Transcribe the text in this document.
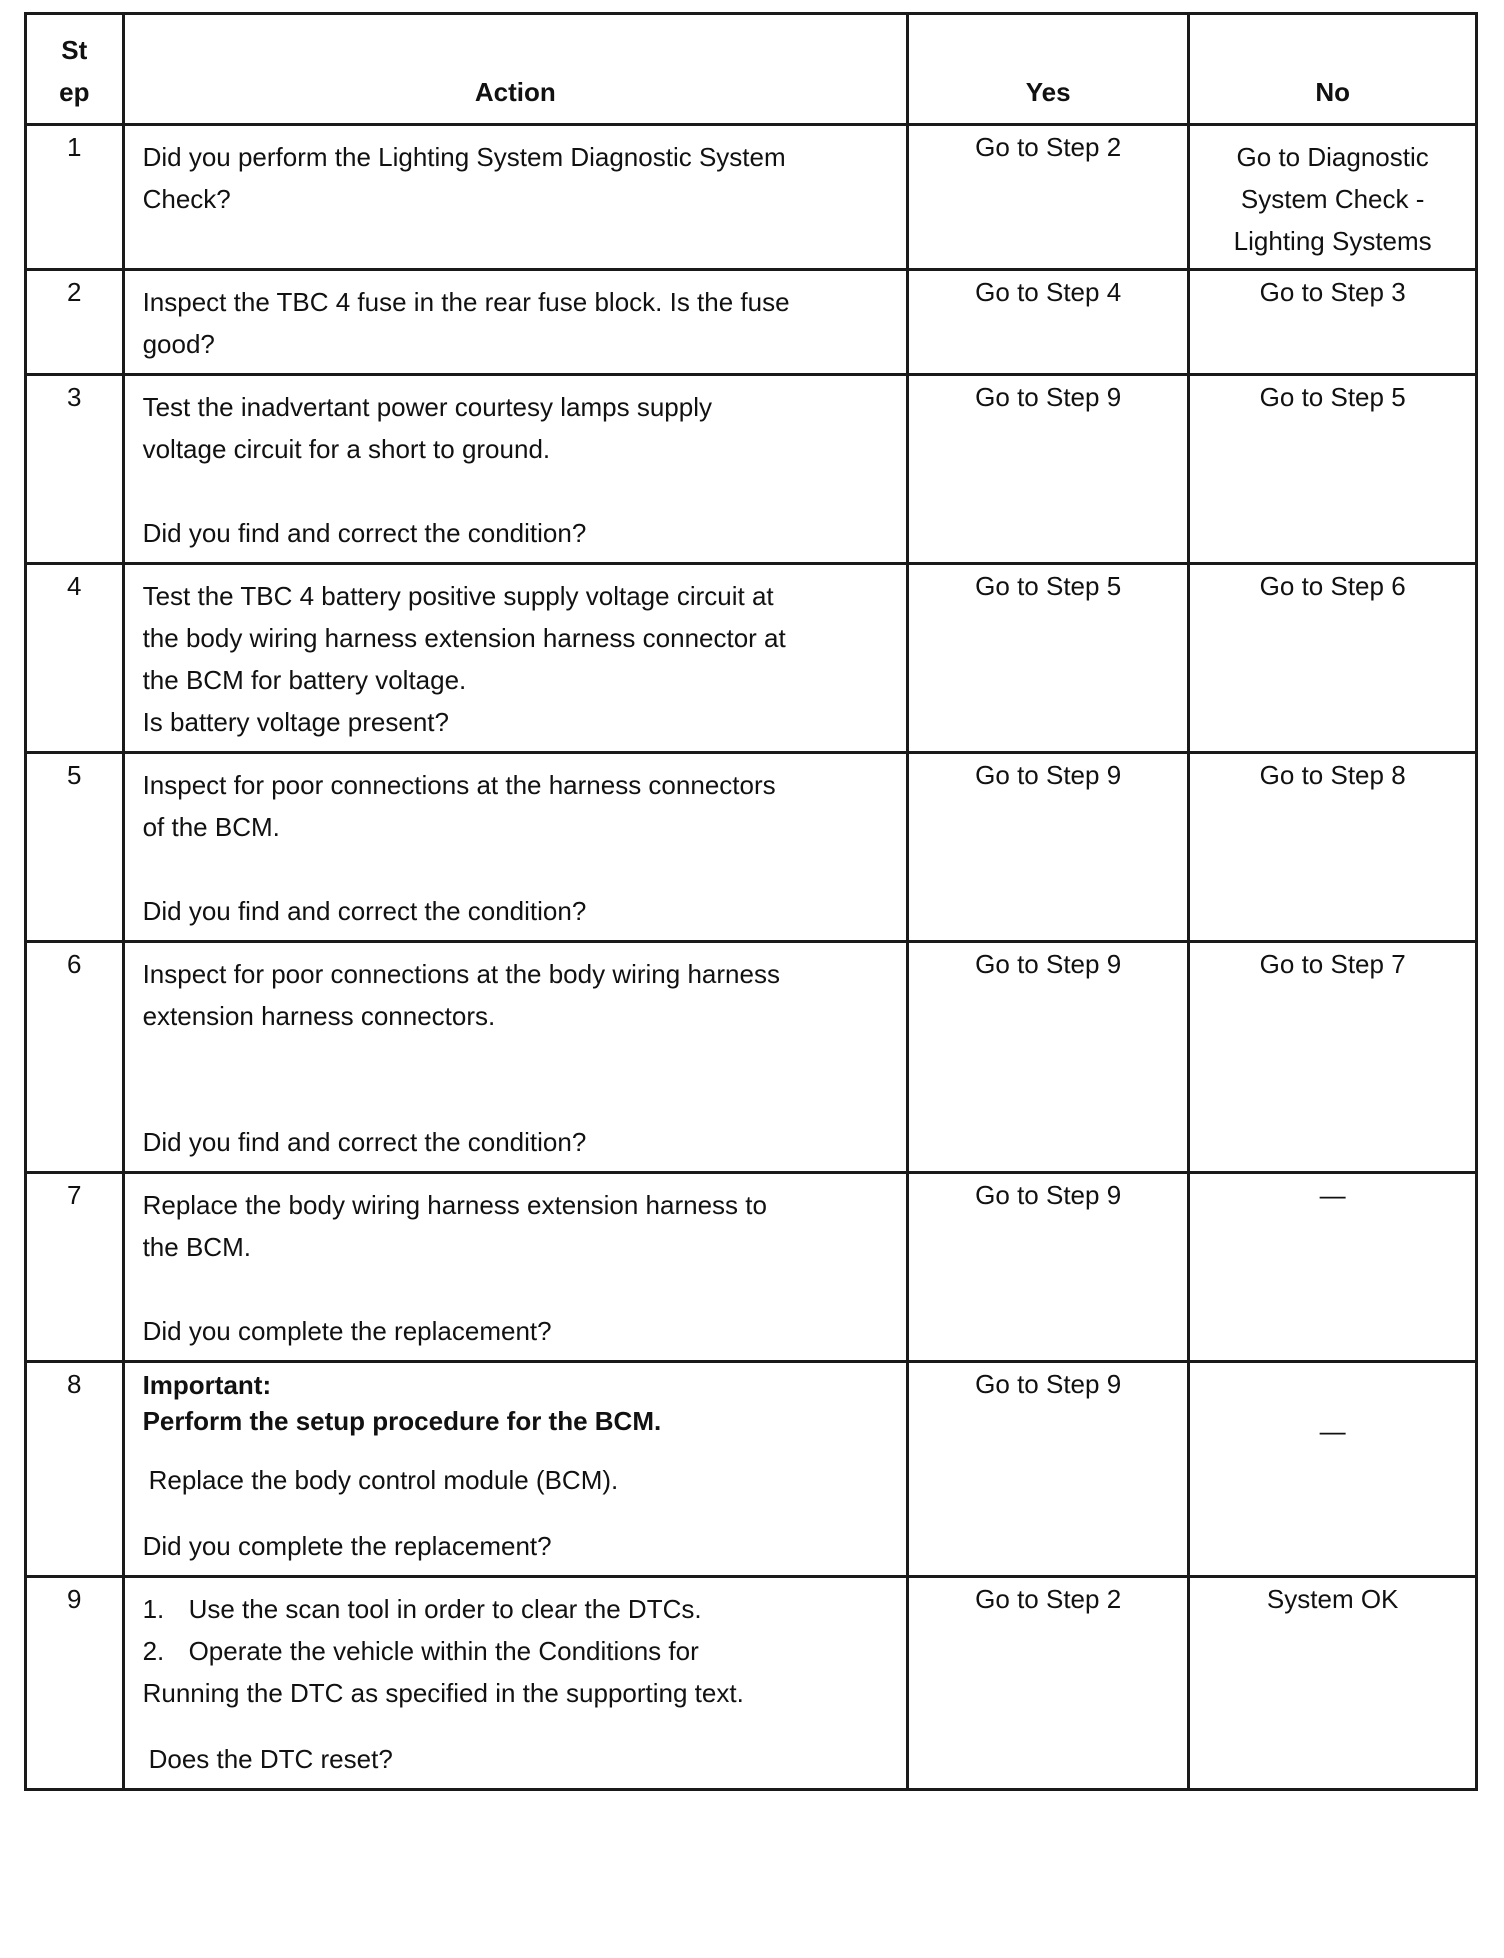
St
ep	Action	Yes	No
1	Did you perform the Lighting System Diagnostic System
Check?	Go to Step 2	Go to Diagnostic
System Check -
Lighting Systems

2	Inspect the TBC 4 fuse in the rear fuse block. Is the fuse
good?	Go to Step 4	Go to Step 3
3	Test the inadvertant power courtesy lamps supply
voltage circuit for a short to ground.
Did you find and correct the condition?	Go to Step 9	Go to Step 5
4	Test the TBC 4 battery positive supply voltage circuit at
the body wiring harness extension harness connector at
the BCM for battery voltage.
Is battery voltage present?	Go to Step 5	Go to Step 6
5	Inspect for poor connections at the harness connectors
of the BCM.
Did you find and correct the condition?	Go to Step 9	Go to Step 8
6	Inspect for poor connections at the body wiring harness
extension harness connectors.
Did you find and correct the condition?	Go to Step 9	Go to Step 7
7	Replace the body wiring harness extension harness to
the BCM.
Did you complete the replacement?	Go to Step 9	—
8	Important:
Perform the setup procedure for the BCM.
Replace the body control module (BCM).
Did you complete the replacement?	Go to Step 9	—
9	1. Use the scan tool in order to clear the DTCs.
2. Operate the vehicle within the Conditions for
Running the DTC as specified in the supporting text.
Does the DTC reset?	Go to Step 2	System OK
